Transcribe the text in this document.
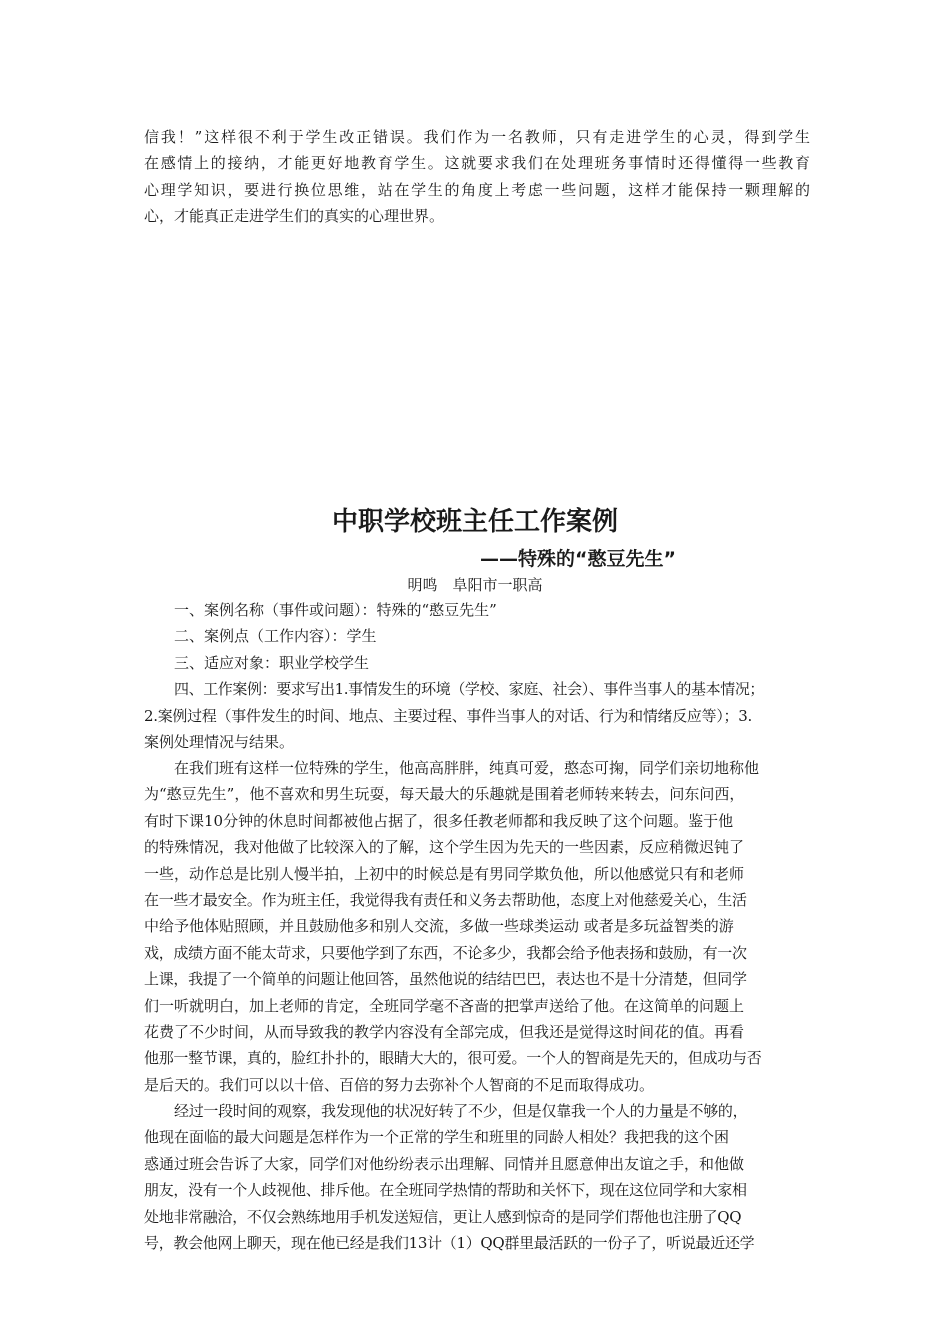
信我！”这样很不利于学生改正错误。我们作为一名教师，只有走进学生的心灵，得到学生
在感情上的接纳，才能更好地教育学生。这就要求我们在处理班务事情时还得懂得一些教育
心理学知识，要进行换位思维，站在学生的角度上考虑一些问题，这样才能保持一颗理解的
心，才能真正走进学生们的真实的心理世界。
中职学校班主任工作案例
——特殊的“憨豆先生”
明鸣　阜阳市一职高
一、案例名称（事件或问题）：特殊的“憨豆先生”
二、案例点（工作内容）：学生
三、适应对象：职业学校学生
四、工作案例：要求写出1.事情发生的环境（学校、家庭、社会）、事件当事人的基本情况；
2.案例过程（事件发生的时间、地点、主要过程、事件当事人的对话、行为和情绪反应等）；3.
案例处理情况与结果。
在我们班有这样一位特殊的学生，他高高胖胖，纯真可爱，憨态可掬，同学们亲切地称他
为“憨豆先生”，他不喜欢和男生玩耍，每天最大的乐趣就是围着老师转来转去，问东问西，
有时下课10分钟的休息时间都被他占据了，很多任教老师都和我反映了这个问题。鉴于他
的特殊情况，我对他做了比较深入的了解，这个学生因为先天的一些因素，反应稍微迟钝了
一些，动作总是比别人慢半拍，上初中的时候总是有男同学欺负他，所以他感觉只有和老师
在一些才最安全。作为班主任，我觉得我有责任和义务去帮助他，态度上对他慈爱关心，生活
中给予他体贴照顾，并且鼓励他多和别人交流，多做一些球类运动 或者是多玩益智类的游
戏，成绩方面不能太苛求，只要他学到了东西，不论多少，我都会给予他表扬和鼓励，有一次
上课，我提了一个简单的问题让他回答，虽然他说的结结巴巴，表达也不是十分清楚，但同学
们一听就明白，加上老师的肯定，全班同学毫不吝啬的把掌声送给了他。在这简单的问题上
花费了不少时间，从而导致我的教学内容没有全部完成，但我还是觉得这时间花的值。再看
他那一整节课，真的，脸红扑扑的，眼睛大大的，很可爱。一个人的智商是先天的，但成功与否
是后天的。我们可以以十倍、百倍的努力去弥补个人智商的不足而取得成功。
经过一段时间的观察，我发现他的状况好转了不少，但是仅靠我一个人的力量是不够的，
他现在面临的最大问题是怎样作为一个正常的学生和班里的同龄人相处？我把我的这个困
惑通过班会告诉了大家，同学们对他纷纷表示出理解、同情并且愿意伸出友谊之手，和他做
朋友，没有一个人歧视他、排斥他。在全班同学热情的帮助和关怀下，现在这位同学和大家相
处地非常融洽，不仅会熟练地用手机发送短信，更让人感到惊奇的是同学们帮他也注册了QQ
号，教会他网上聊天，现在他已经是我们13计（1）QQ群里最活跃的一份子了，听说最近还学
